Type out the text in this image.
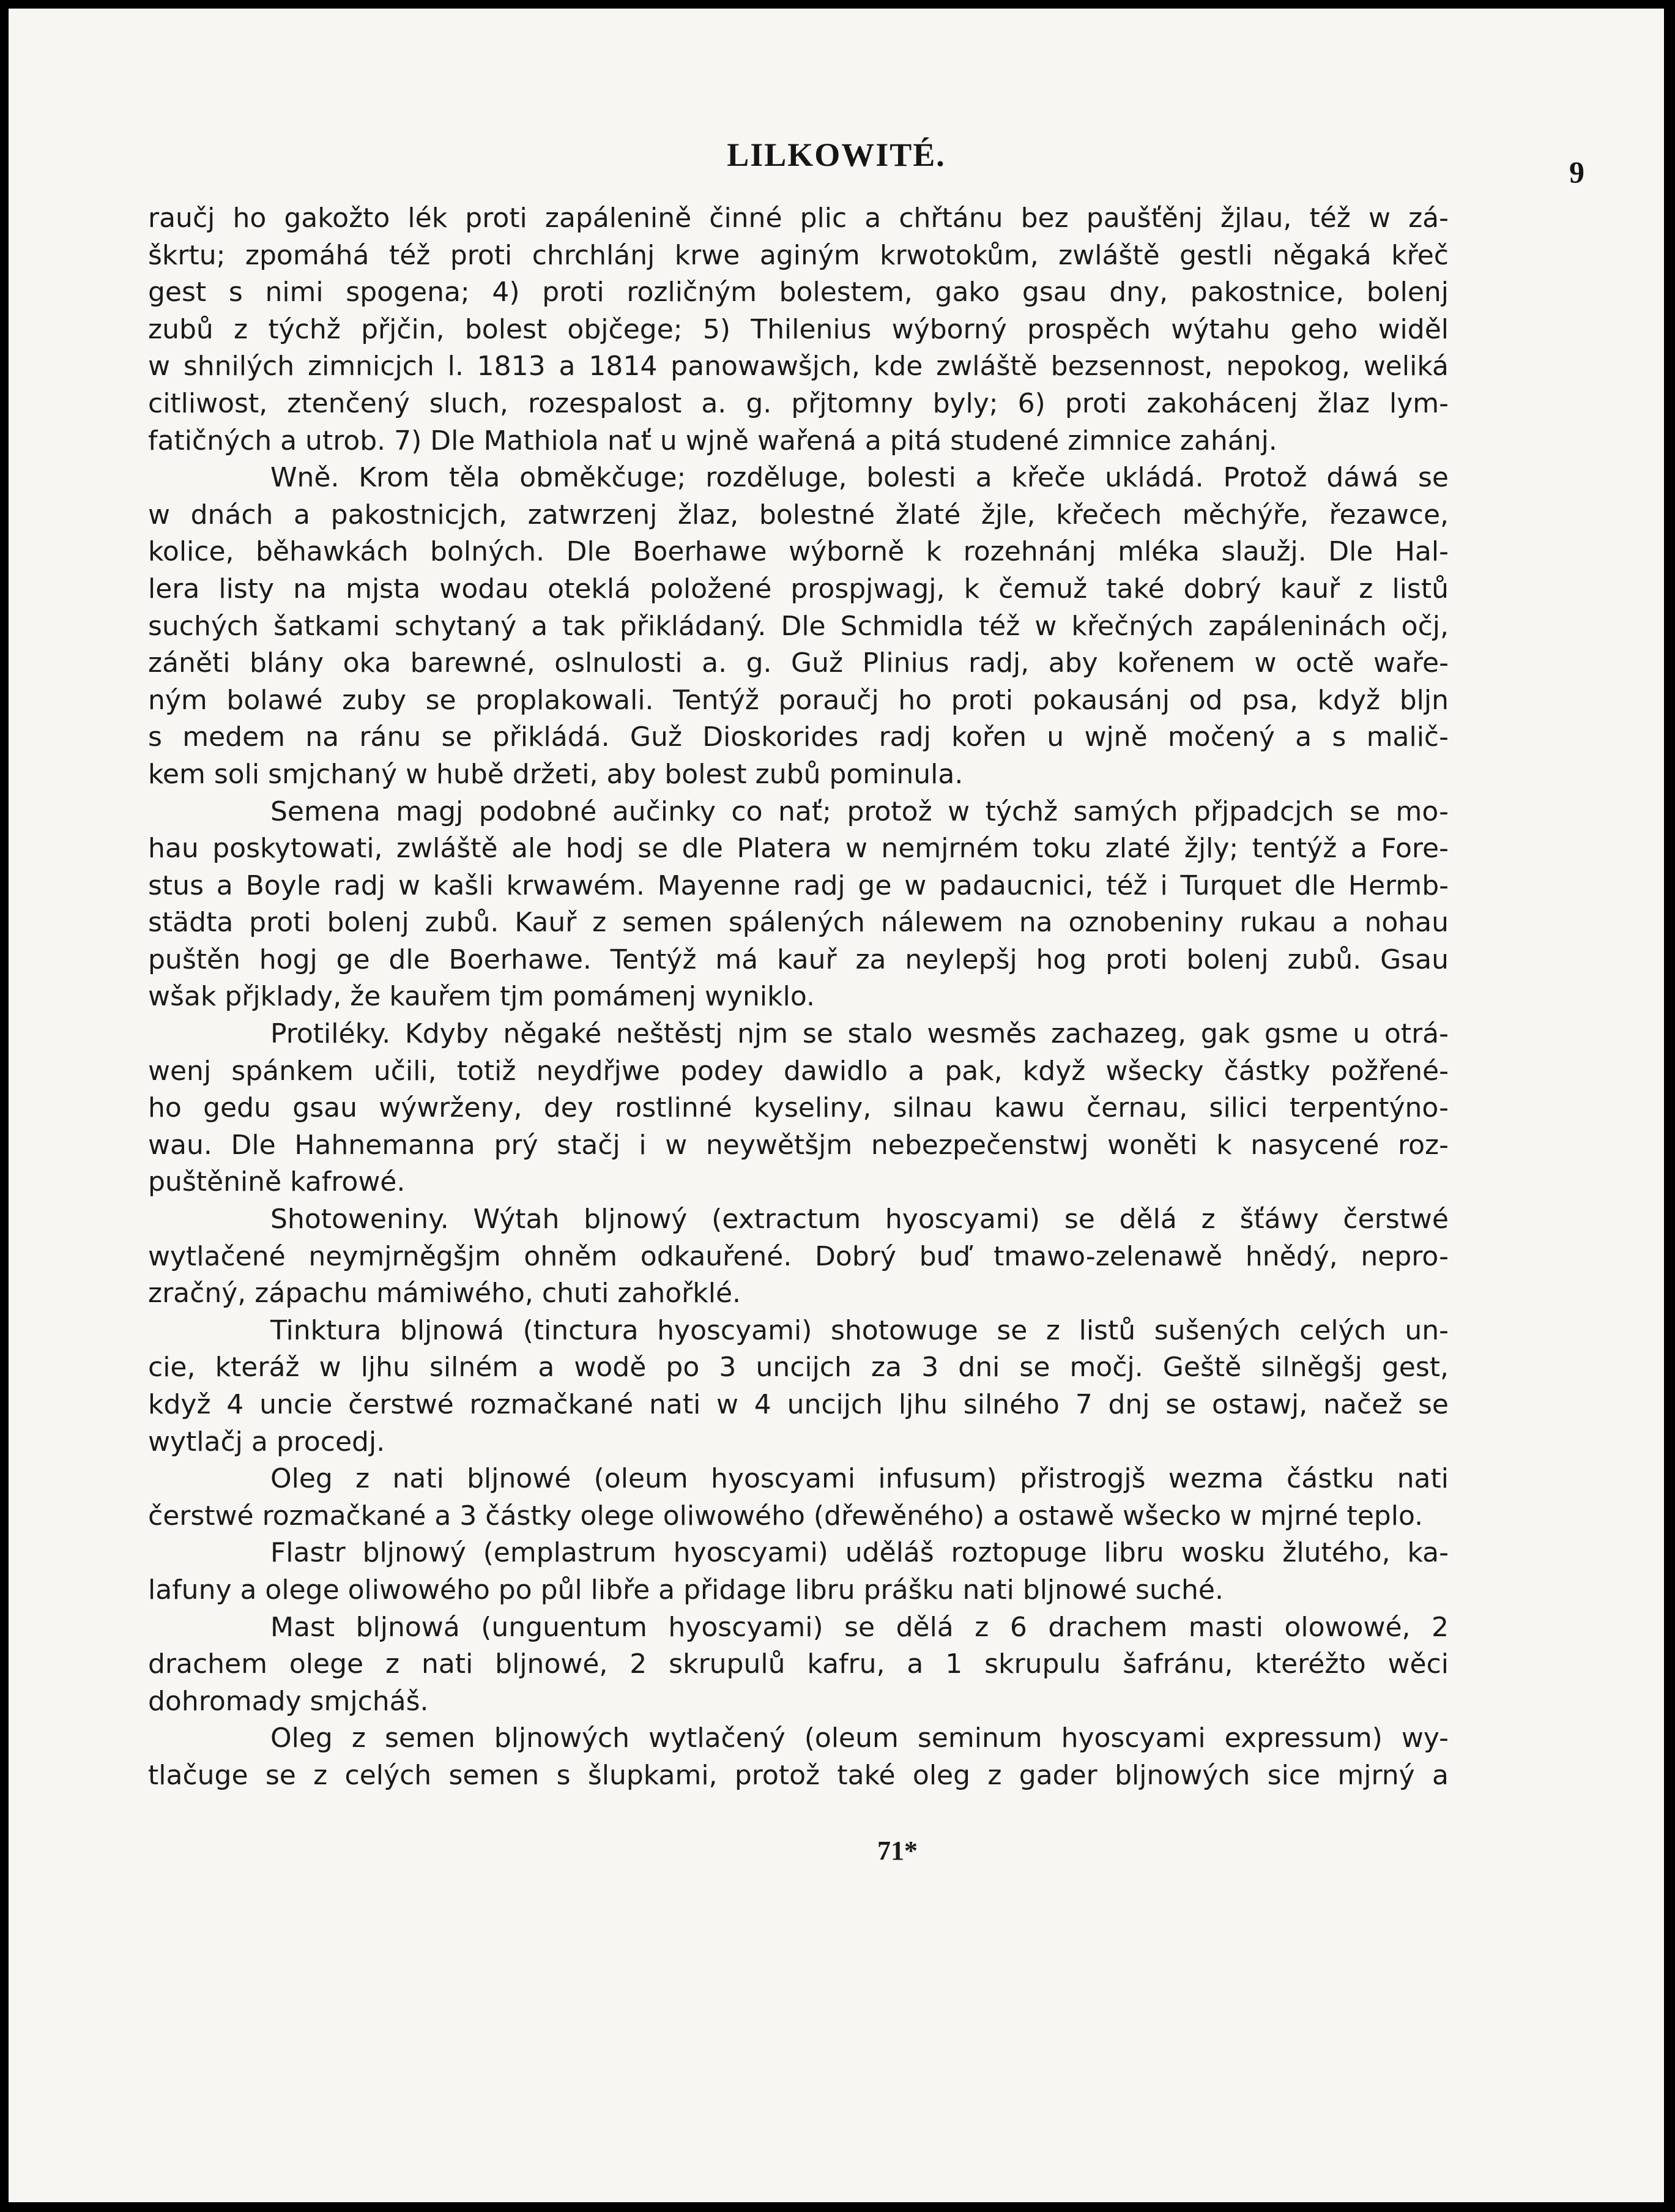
LILKOWITÉ.	9
raučj ho gakožto lék proti zapálenině činné plic a chřtánu bez paušťěnj žjlau, též w zá-
škrtu; zpomáhá též proti chrchlánj krwe aginým krwotokům, zwláště gestli něgaká křeč
gest s nimi spogena; 4) proti rozličným bolestem, gako gsau dny, pakostnice, bolenj
zubů z týchž přjčin, bolest objčege; 5) Thilenius wýborný prospěch wýtahu geho widěl
w shnilých zimnicjch l. 1813 a 1814 panowawšjch, kde zwláště bezsennost, nepokog, weliká
citliwost, ztenčený sluch, rozespalost a. g. přjtomny byly; 6) proti zakohácenj žlaz lym-
fatičných a utrob. 7) Dle Mathiola nať u wjně wařená a pitá studené zimnice zahánj.
Wně. Krom těla obměkčuge; rozděluge, bolesti a křeče ukládá. Protož dáwá se
w dnách a pakostnicjch, zatwrzenj žlaz, bolestné žlaté žjle, křečech měchýře, řezawce,
kolice, běhawkách bolných. Dle Boerhawe wýborně k rozehnánj mléka slaužj. Dle Hal-
lera listy na mjsta wodau oteklá položené prospjwagj, k čemuž také dobrý kauř z listů
suchých šatkami schytaný a tak přikládaný. Dle Schmidla též w křečných zapáleninách očj,
záněti blány oka barewné, oslnulosti a. g. Guž Plinius radj, aby kořenem w octě waře-
ným bolawé zuby se proplakowali. Tentýž poraučj ho proti pokausánj od psa, když bljn
s medem na ránu se přikládá. Guž Dioskorides radj kořen u wjně močený a s malič-
kem soli smjchaný w hubě držeti, aby bolest zubů pominula.
Semena magj podobné aučinky co nať; protož w týchž samých přjpadcjch se mo-
hau poskytowati, zwláště ale hodj se dle Platera w nemjrném toku zlaté žjly; tentýž a Fore-
stus a Boyle radj w kašli krwawém. Mayenne radj ge w padaucnici, též i Turquet dle Hermb-
städta proti bolenj zubů. Kauř z semen spálených nálewem na oznobeniny rukau a nohau
puštěn hogj ge dle Boerhawe. Tentýž má kauř za neylepšj hog proti bolenj zubů. Gsau
wšak přjklady, že kauřem tjm pomámenj wyniklo.
Protiléky. Kdyby něgaké neštěstj njm se stalo wesměs zachazeg, gak gsme u otrá-
wenj spánkem učili, totiž neydřjwe podey dawidlo a pak, když wšecky částky požřené-
ho gedu gsau wýwrženy, dey rostlinné kyseliny, silnau kawu černau, silici terpentýno-
wau. Dle Hahnemanna prý stačj i w neywětšjm nebezpečenstwj woněti k nasycené roz-
puštěnině kafrowé.
Shotoweniny. Wýtah bljnowý (extractum hyoscyami) se dělá z šťáwy čerstwé
wytlačené neymjrněgšjm ohněm odkauřené. Dobrý buď tmawo-zelenawě hnědý, nepro-
zračný, zápachu mámiwého, chuti zahořklé.
Tinktura bljnowá (tinctura hyoscyami) shotowuge se z listů sušených celých un-
cie, kteráž w ljhu silném a wodě po 3 uncijch za 3 dni se močj. Geště silněgšj gest,
když 4 uncie čerstwé rozmačkané nati w 4 uncijch ljhu silného 7 dnj se ostawj, načež se
wytlačj a procedj.
Oleg z nati bljnowé (oleum hyoscyami infusum) přistrogjš wezma částku nati
čerstwé rozmačkané a 3 částky olege oliwowého (dřewěného) a ostawě wšecko w mjrné teplo.
Flastr bljnowý (emplastrum hyoscyami) uděláš roztopuge libru wosku žlutého, ka-
lafuny a olege oliwowého po půl libře a přidage libru prášku nati bljnowé suché.
Mast bljnowá (unguentum hyoscyami) se dělá z 6 drachem masti olowowé, 2
drachem olege z nati bljnowé, 2 skrupulů kafru, a 1 skrupulu šafránu, kteréžto wěci
dohromady smjcháš.
Oleg z semen bljnowých wytlačený (oleum seminum hyoscyami expressum) wy-
tlačuge se z celých semen s šlupkami, protož také oleg z gader bljnowých sice mjrný a
71*
